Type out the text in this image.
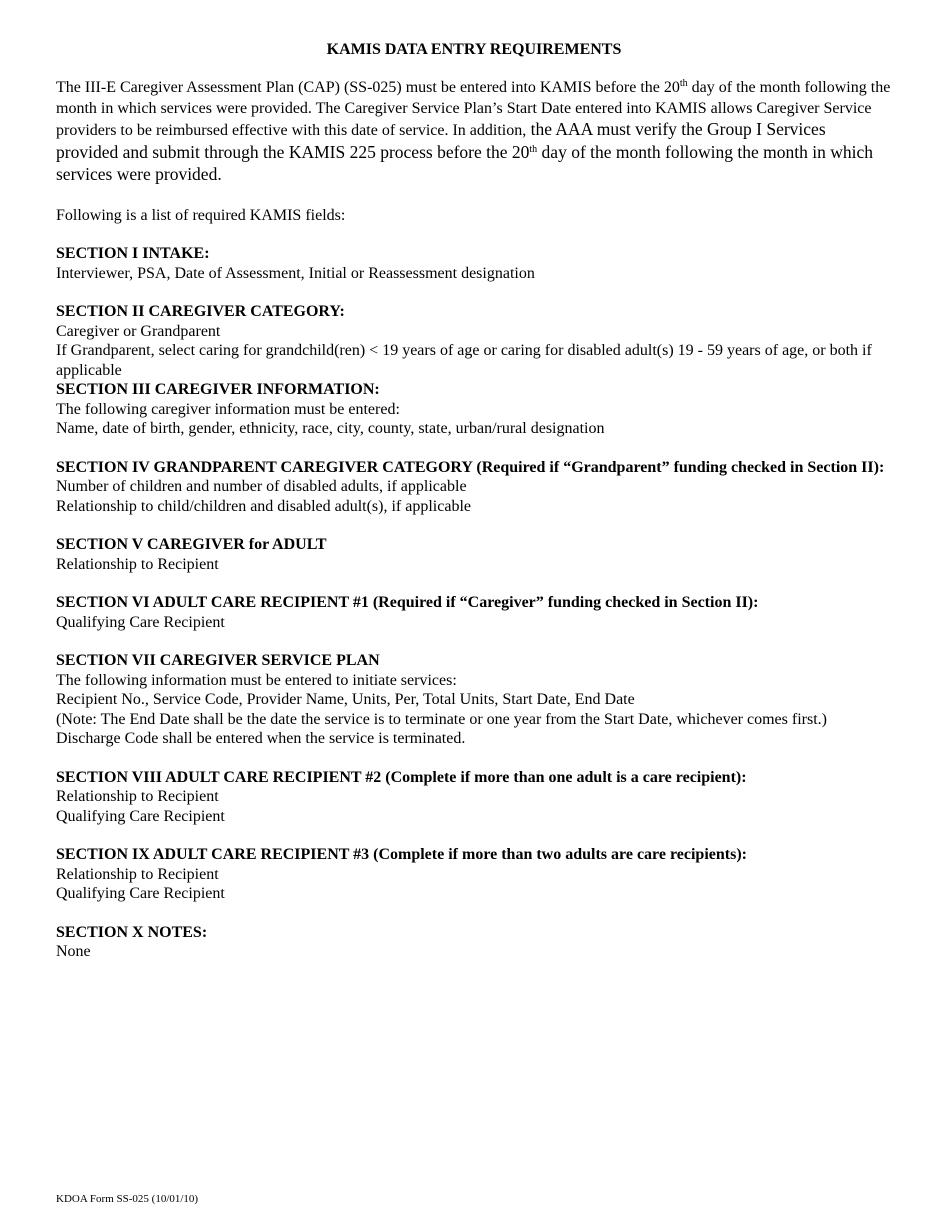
KAMIS DATA ENTRY REQUIREMENTS

The III-E Caregiver Assessment Plan (CAP) (SS-025) must be entered into KAMIS before the 20th day of the month following the month in which services were provided. The Caregiver Service Plan’s Start Date entered into KAMIS allows Caregiver Service providers to be reimbursed effective with this date of service. In addition, the AAA must verify the Group I Services provided and submit through the KAMIS 225 process before the 20th day of the month following the month in which services were provided.

Following is a list of required KAMIS fields:

SECTION I INTAKE:

Interviewer, PSA, Date of Assessment, Initial or Reassessment designation

SECTION II CAREGIVER CATEGORY:

Caregiver or Grandparent

If Grandparent, select caring for grandchild(ren) < 19 years of age or caring for disabled adult(s) 19 - 59 years of age, or both if applicable

SECTION III CAREGIVER INFORMATION:

The following caregiver information must be entered:

Name, date of birth, gender, ethnicity, race, city, county, state, urban/rural designation

SECTION IV GRANDPARENT CAREGIVER CATEGORY (Required if “Grandparent” funding checked in Section II):

Number of children and number of disabled adults, if applicable

Relationship to child/children and disabled adult(s), if applicable

SECTION V CAREGIVER for ADULT

Relationship to Recipient

SECTION VI ADULT CARE RECIPIENT #1 (Required if “Caregiver” funding checked in Section II):

Qualifying Care Recipient

SECTION VII CAREGIVER SERVICE PLAN

The following information must be entered to initiate services:

Recipient No., Service Code, Provider Name, Units, Per, Total Units, Start Date, End Date

(Note: The End Date shall be the date the service is to terminate or one year from the Start Date, whichever comes first.)

Discharge Code shall be entered when the service is terminated.

SECTION VIII ADULT CARE RECIPIENT #2 (Complete if more than one adult is a care recipient):

Relationship to Recipient

Qualifying Care Recipient

SECTION IX ADULT CARE RECIPIENT #3 (Complete if more than two adults are care recipients):

Relationship to Recipient

Qualifying Care Recipient

SECTION X NOTES:

None

KDOA Form SS-025 (10/01/10)
